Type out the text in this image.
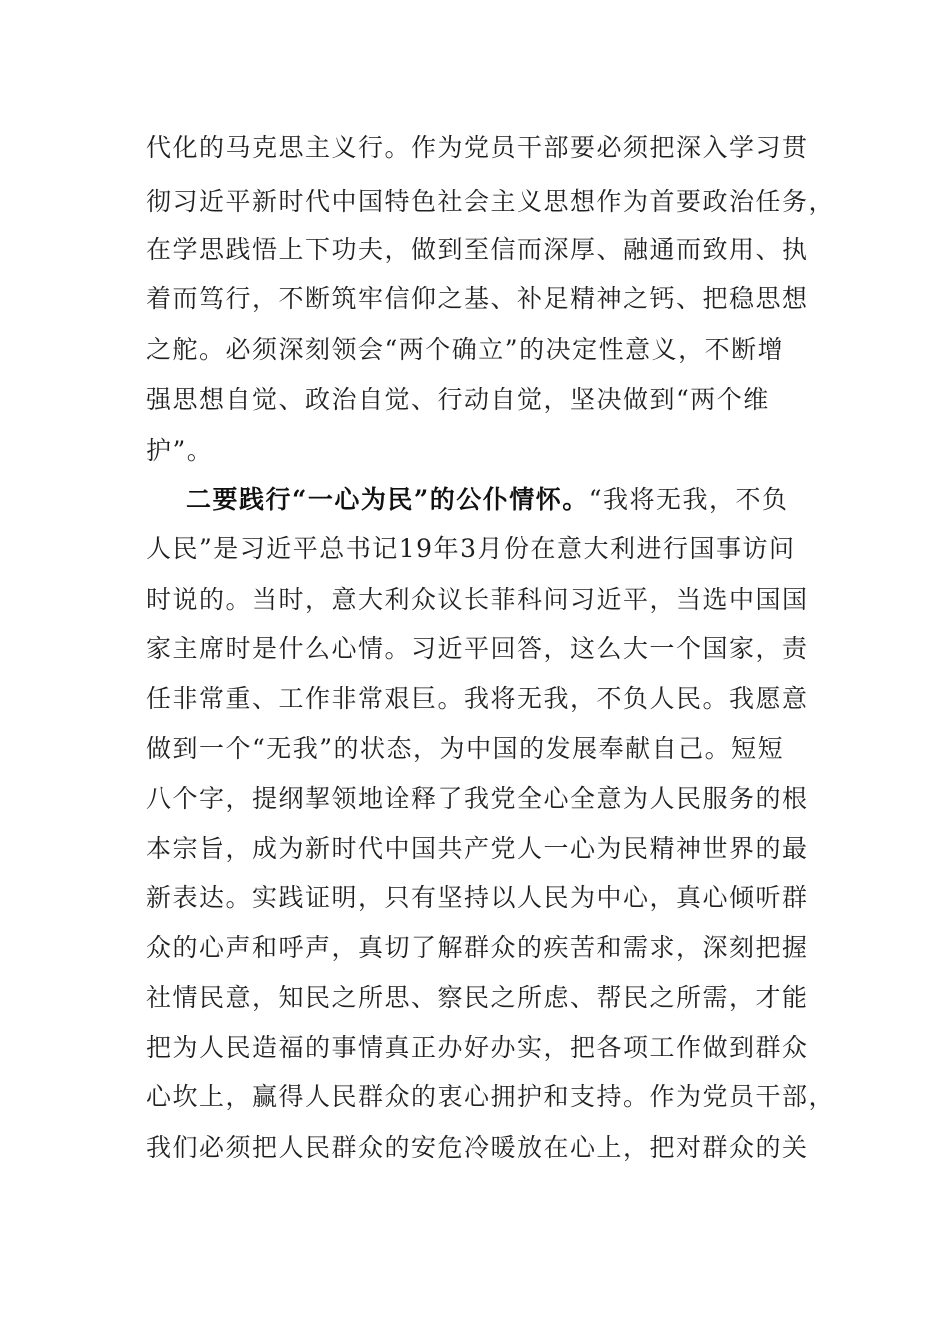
代化的马克思主义行。作为党员干部要必须把深入学习贯
彻习近平新时代中国特色社会主义思想作为首要政治任务，
在学思践悟上下功夫，做到至信而深厚、融通而致用、执
着而笃行，不断筑牢信仰之基、补足精神之钙、把稳思想
之舵。必须深刻领会“两个确立”的决定性意义，不断增
强思想自觉、政治自觉、行动自觉，坚决做到“两个维
护”。
二要践行“一心为民”的公仆情怀。“我将无我，不负
人民”是习近平总书记19年3月份在意大利进行国事访问
时说的。当时，意大利众议长菲科问习近平，当选中国国
家主席时是什么心情。习近平回答，这么大一个国家，责
任非常重、工作非常艰巨。我将无我，不负人民。我愿意
做到一个“无我”的状态，为中国的发展奉献自己。短短
八个字，提纲挈领地诠释了我党全心全意为人民服务的根
本宗旨，成为新时代中国共产党人一心为民精神世界的最
新表达。实践证明，只有坚持以人民为中心，真心倾听群
众的心声和呼声，真切了解群众的疾苦和需求，深刻把握
社情民意，知民之所思、察民之所虑、帮民之所需，才能
把为人民造福的事情真正办好办实，把各项工作做到群众
心坎上，赢得人民群众的衷心拥护和支持。作为党员干部，
我们必须把人民群众的安危冷暖放在心上，把对群众的关
